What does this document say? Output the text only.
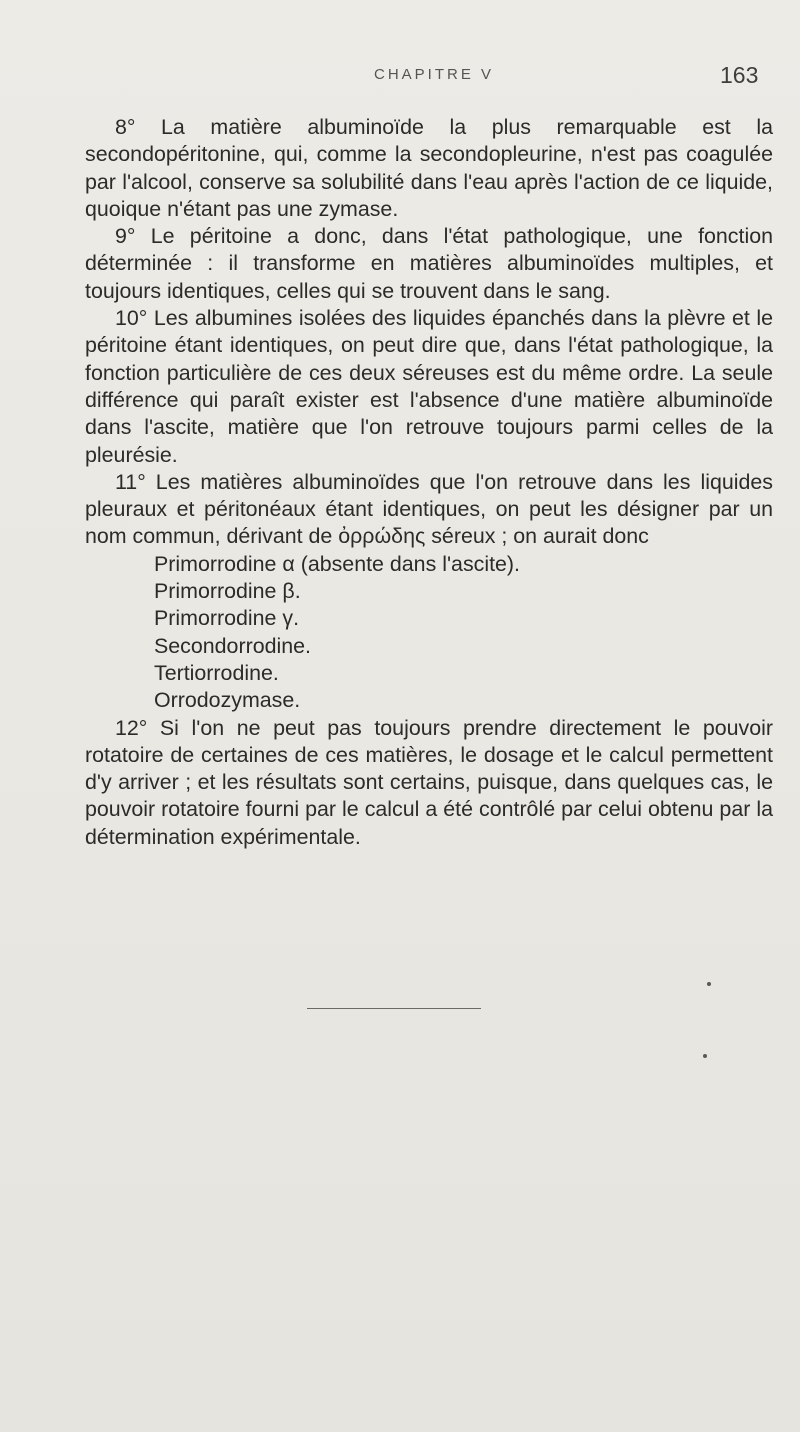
CHAPITRE V	163

8° La matière albuminoïde la plus remarquable est la secondopéritonine, qui, comme la secondopleurine, n'est pas coagulée par l'alcool, conserve sa solubilité dans l'eau après l'action de ce liquide, quoique n'étant pas une zymase.

9° Le péritoine a donc, dans l'état pathologique, une fonction déterminée : il transforme en matières albuminoïdes multiples, et toujours identiques, celles qui se trouvent dans le sang.

10° Les albumines isolées des liquides épanchés dans la plèvre et le péritoine étant identiques, on peut dire que, dans l'état pathologique, la fonction particulière de ces deux séreuses est du même ordre. La seule différence qui paraît exister est l'absence d'une matière albuminoïde dans l'ascite, matière que l'on retrouve toujours parmi celles de la pleurésie.

11° Les matières albuminoïdes que l'on retrouve dans les liquides pleuraux et péritonéaux étant identiques, on peut les désigner par un nom commun, dérivant de ὀρρώδης séreux ; on aurait donc

Primorrodine α (absente dans l'ascite).
Primorrodine β.
Primorrodine γ.
Secondorrodine.
Tertiorrodine.
Orrodozymase.

12° Si l'on ne peut pas toujours prendre directement le pouvoir rotatoire de certaines de ces matières, le dosage et le calcul permettent d'y arriver ; et les résultats sont certains, puisque, dans quelques cas, le pouvoir rotatoire fourni par le calcul a été contrôlé par celui obtenu par la détermination expérimentale.
